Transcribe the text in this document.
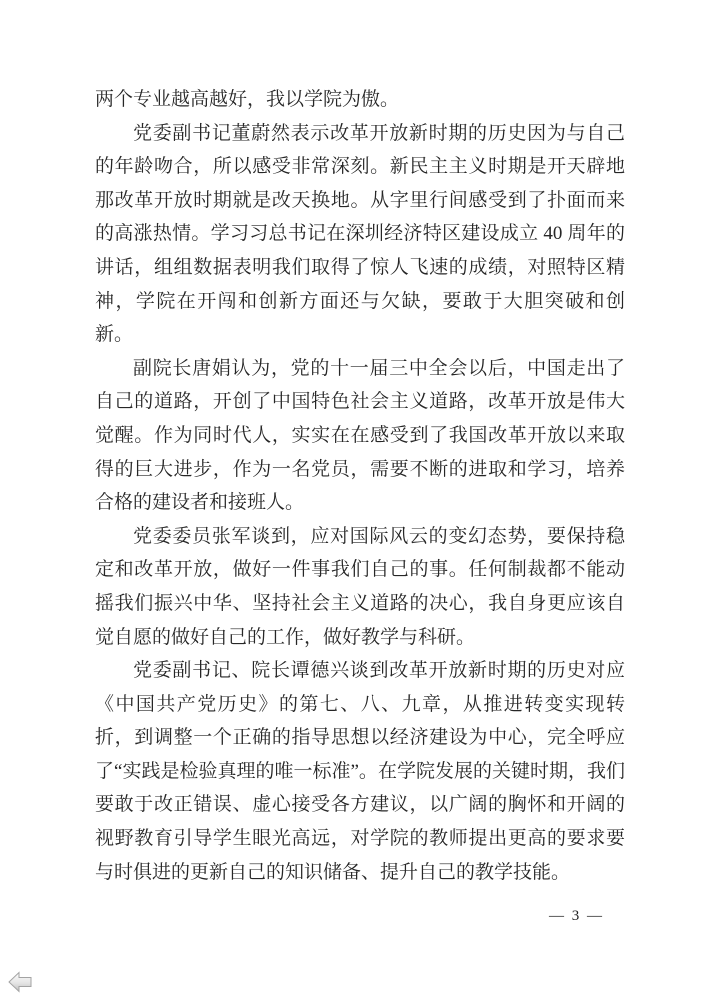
两个专业越高越好，我以学院为傲。

党委副书记董蔚然表示改革开放新时期的历史因为与自己的年龄吻合，所以感受非常深刻。新民主主义时期是开天辟地那改革开放时期就是改天换地。从字里行间感受到了扑面而来的高涨热情。学习习总书记在深圳经济特区建设成立 40 周年的讲话，组组数据表明我们取得了惊人飞速的成绩，对照特区精神，学院在开闯和创新方面还与欠缺，要敢于大胆突破和创新。

副院长唐娟认为，党的十一届三中全会以后，中国走出了自己的道路，开创了中国特色社会主义道路，改革开放是伟大觉醒。作为同时代人，实实在在感受到了我国改革开放以来取得的巨大进步，作为一名党员，需要不断的进取和学习，培养合格的建设者和接班人。

党委委员张军谈到，应对国际风云的变幻态势，要保持稳定和改革开放，做好一件事我们自己的事。任何制裁都不能动摇我们振兴中华、坚持社会主义道路的决心，我自身更应该自觉自愿的做好自己的工作，做好教学与科研。

党委副书记、院长谭德兴谈到改革开放新时期的历史对应《中国共产党历史》的第七、八、九章，从推进转变实现转折，到调整一个正确的指导思想以经济建设为中心，完全呼应了“实践是检验真理的唯一标准”。在学院发展的关键时期，我们要敢于改正错误、虚心接受各方建议，以广阔的胸怀和开阔的视野教育引导学生眼光高远，对学院的教师提出更高的要求要与时俱进的更新自己的知识储备、提升自己的教学技能。

— 3 —
